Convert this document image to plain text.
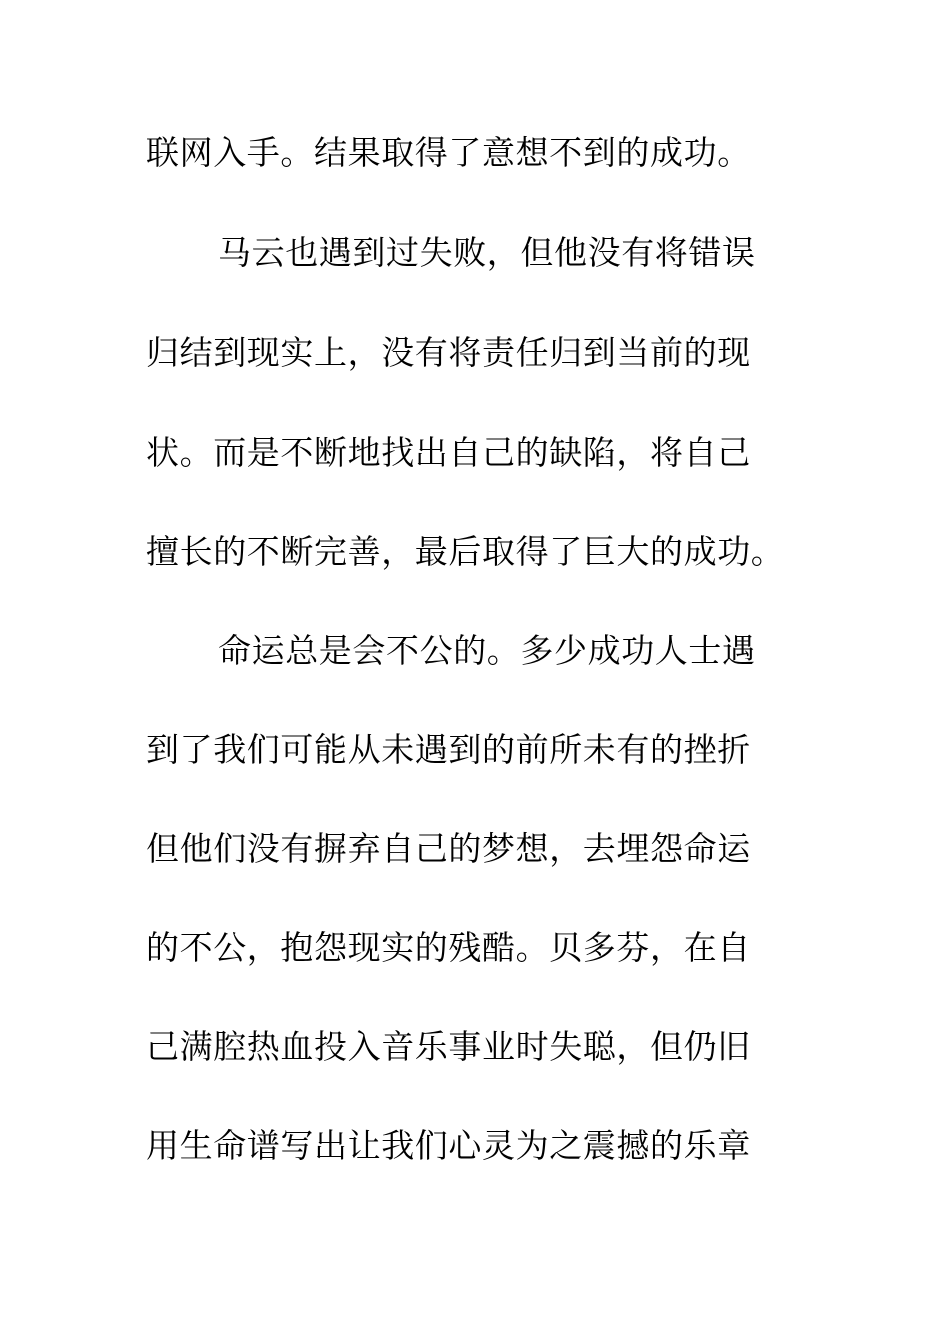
联网入手。结果取得了意想不到的成功。
马云也遇到过失败，但他没有将错误
归结到现实上，没有将责任归到当前的现
状。而是不断地找出自己的缺陷，将自己
擅长的不断完善，最后取得了巨大的成功。
命运总是会不公的。多少成功人士遇
到了我们可能从未遇到的前所未有的挫折
但他们没有摒弃自己的梦想，去埋怨命运
的不公，抱怨现实的残酷。贝多芬，在自
己满腔热血投入音乐事业时失聪，但仍旧
用生命谱写出让我们心灵为之震撼的乐章
